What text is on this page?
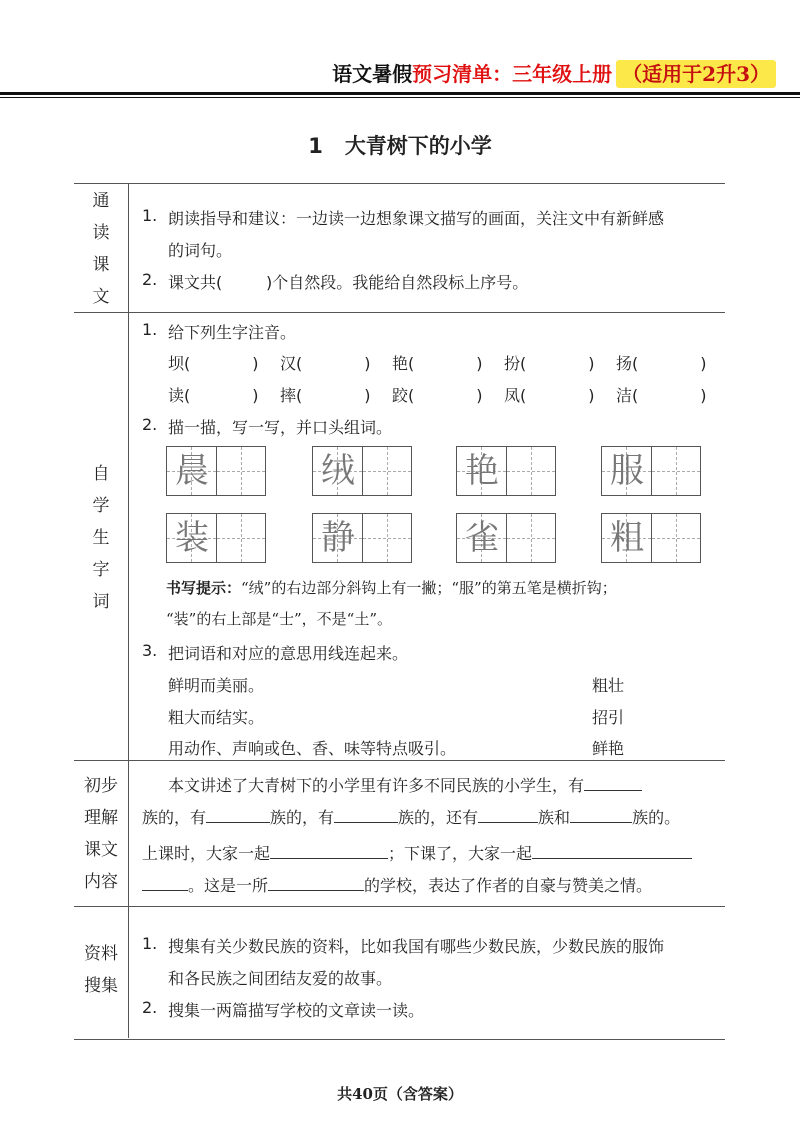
语文暑假预习清单：三年级上册 （适用于2升3）
1 大青树下的小学
通
读
课
文
1. 朗读指导和建议：一边读一边想象课文描写的画面，关注文中有新鲜感
的词句。
2. 课文共(	)个自然段。我能给自然段标上序号。
自
学
生
字
词
1. 给下列生字注音。
坝(	) 汉(	) 艳(	) 扮(	) 扬(	)
读(	) 摔(	) 跤(	) 凤(	) 洁(	)
2. 描一描，写一写，并口头组词。
晨	绒	艳	服
装	静	雀	粗
书写提示：“绒”的右边部分斜钩上有一撇；“服”的第五笔是横折钩；
“装”的右上部是“士”，不是“土”。
3. 把词语和对应的意思用线连起来。
鲜明而美丽。
粗大而结实。
用动作、声响或色、香、味等特点吸引。
粗壮
招引
鲜艳
初步
理解
课文
内容
本文讲述了大青树下的小学里有许多不同民族的小学生，有
族的，有	族的，有	族的，还有	族和	族的。
上课时，大家一起	；下课了，大家一起
。这是一所	的学校，表达了作者的自豪与赞美之情。
资料
搜集
1. 搜集有关少数民族的资料，比如我国有哪些少数民族，少数民族的服饰
和各民族之间团结友爱的故事。
2. 搜集一两篇描写学校的文章读一读。
共40页（含答案）
